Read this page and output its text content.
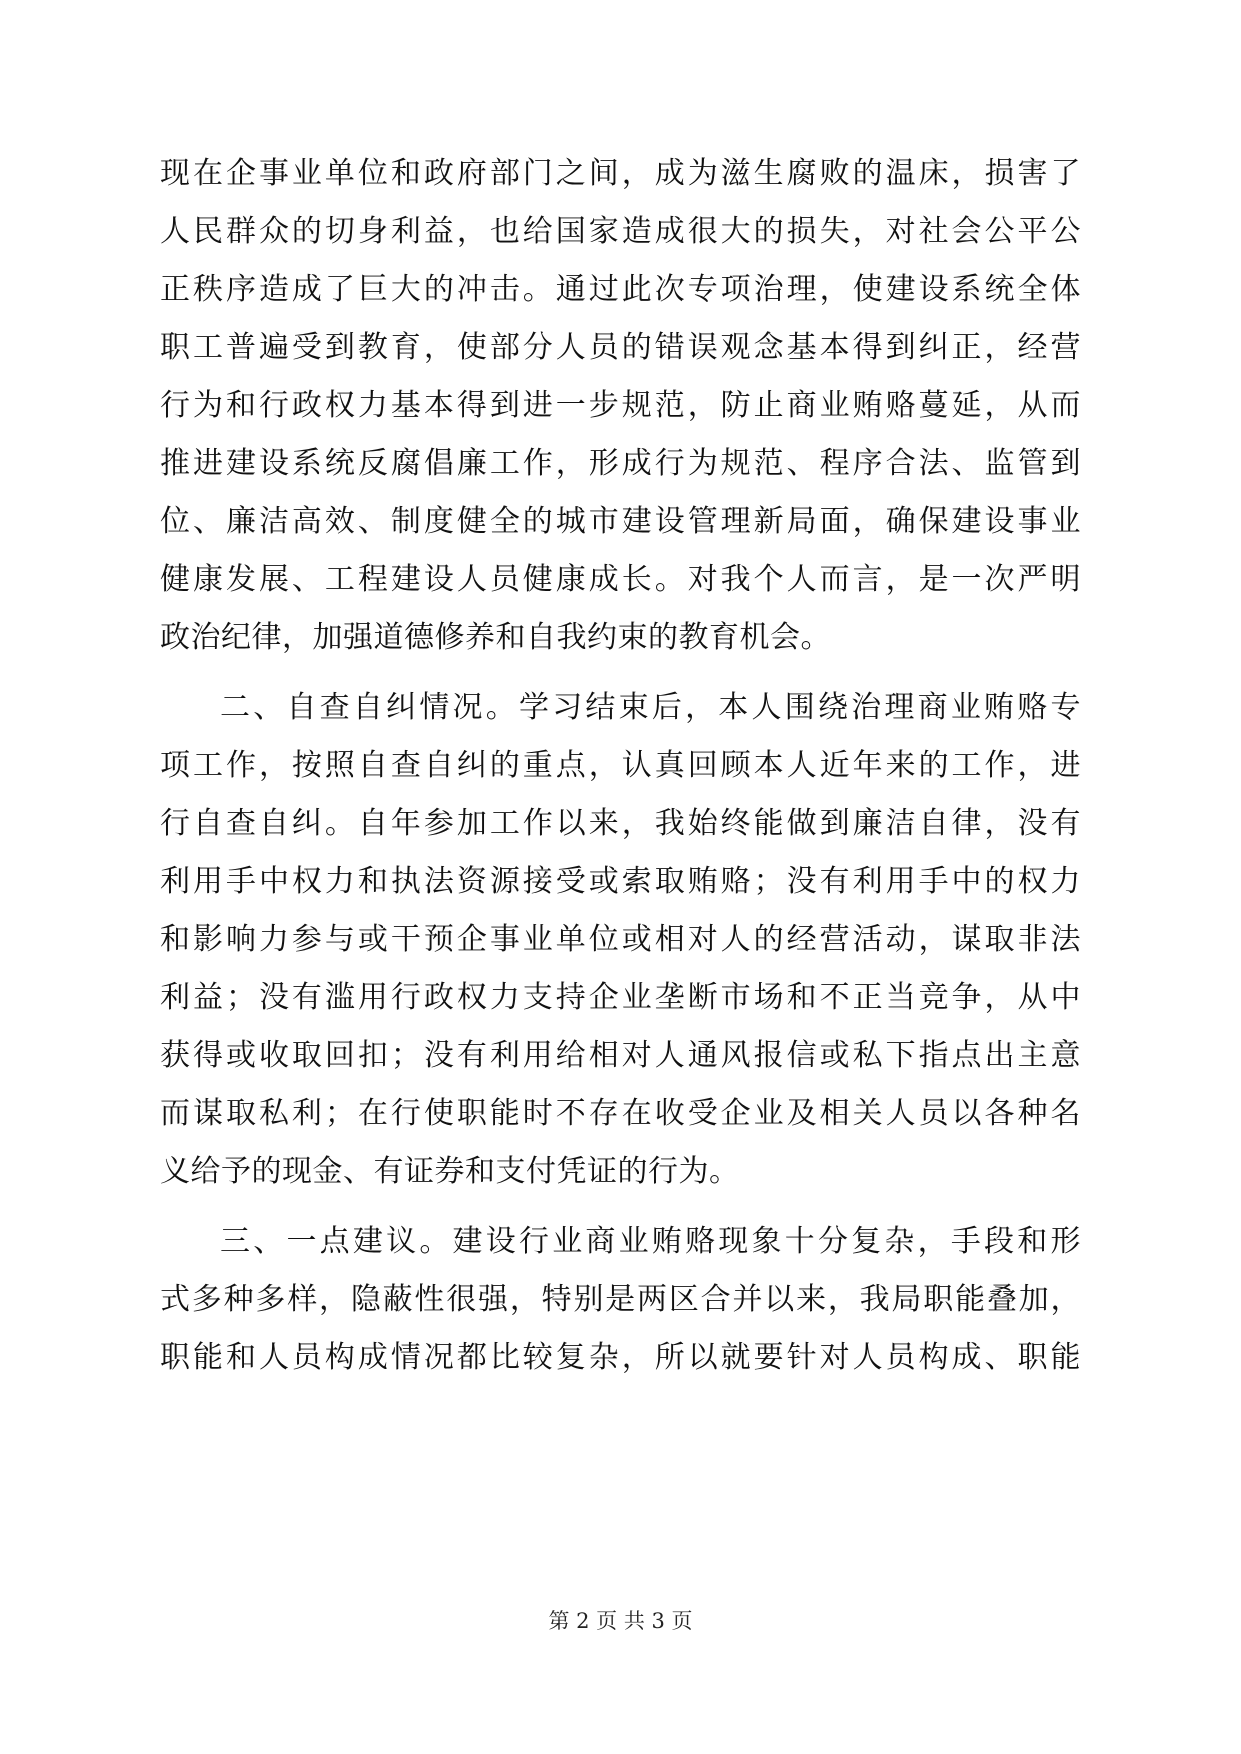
现在企事业单位和政府部门之间，成为滋生腐败的温床，损害了
人民群众的切身利益，也给国家造成很大的损失，对社会公平公
正秩序造成了巨大的冲击。通过此次专项治理，使建设系统全体
职工普遍受到教育，使部分人员的错误观念基本得到纠正，经营
行为和行政权力基本得到进一步规范，防止商业贿赂蔓延，从而
推进建设系统反腐倡廉工作，形成行为规范、程序合法、监管到
位、廉洁高效、制度健全的城市建设管理新局面，确保建设事业
健康发展、工程建设人员健康成长。对我个人而言，是一次严明
政治纪律，加强道德修养和自我约束的教育机会。
二、自查自纠情况。学习结束后，本人围绕治理商业贿赂专
项工作，按照自查自纠的重点，认真回顾本人近年来的工作，进
行自查自纠。自年参加工作以来，我始终能做到廉洁自律，没有
利用手中权力和执法资源接受或索取贿赂；没有利用手中的权力
和影响力参与或干预企事业单位或相对人的经营活动，谋取非法
利益；没有滥用行政权力支持企业垄断市场和不正当竞争，从中
获得或收取回扣；没有利用给相对人通风报信或私下指点出主意
而谋取私利；在行使职能时不存在收受企业及相关人员以各种名
义给予的现金、有证券和支付凭证的行为。
三、一点建议。建设行业商业贿赂现象十分复杂，手段和形
式多种多样，隐蔽性很强，特别是两区合并以来，我局职能叠加，
职能和人员构成情况都比较复杂，所以就要针对人员构成、职能
第 2 页 共 3 页
